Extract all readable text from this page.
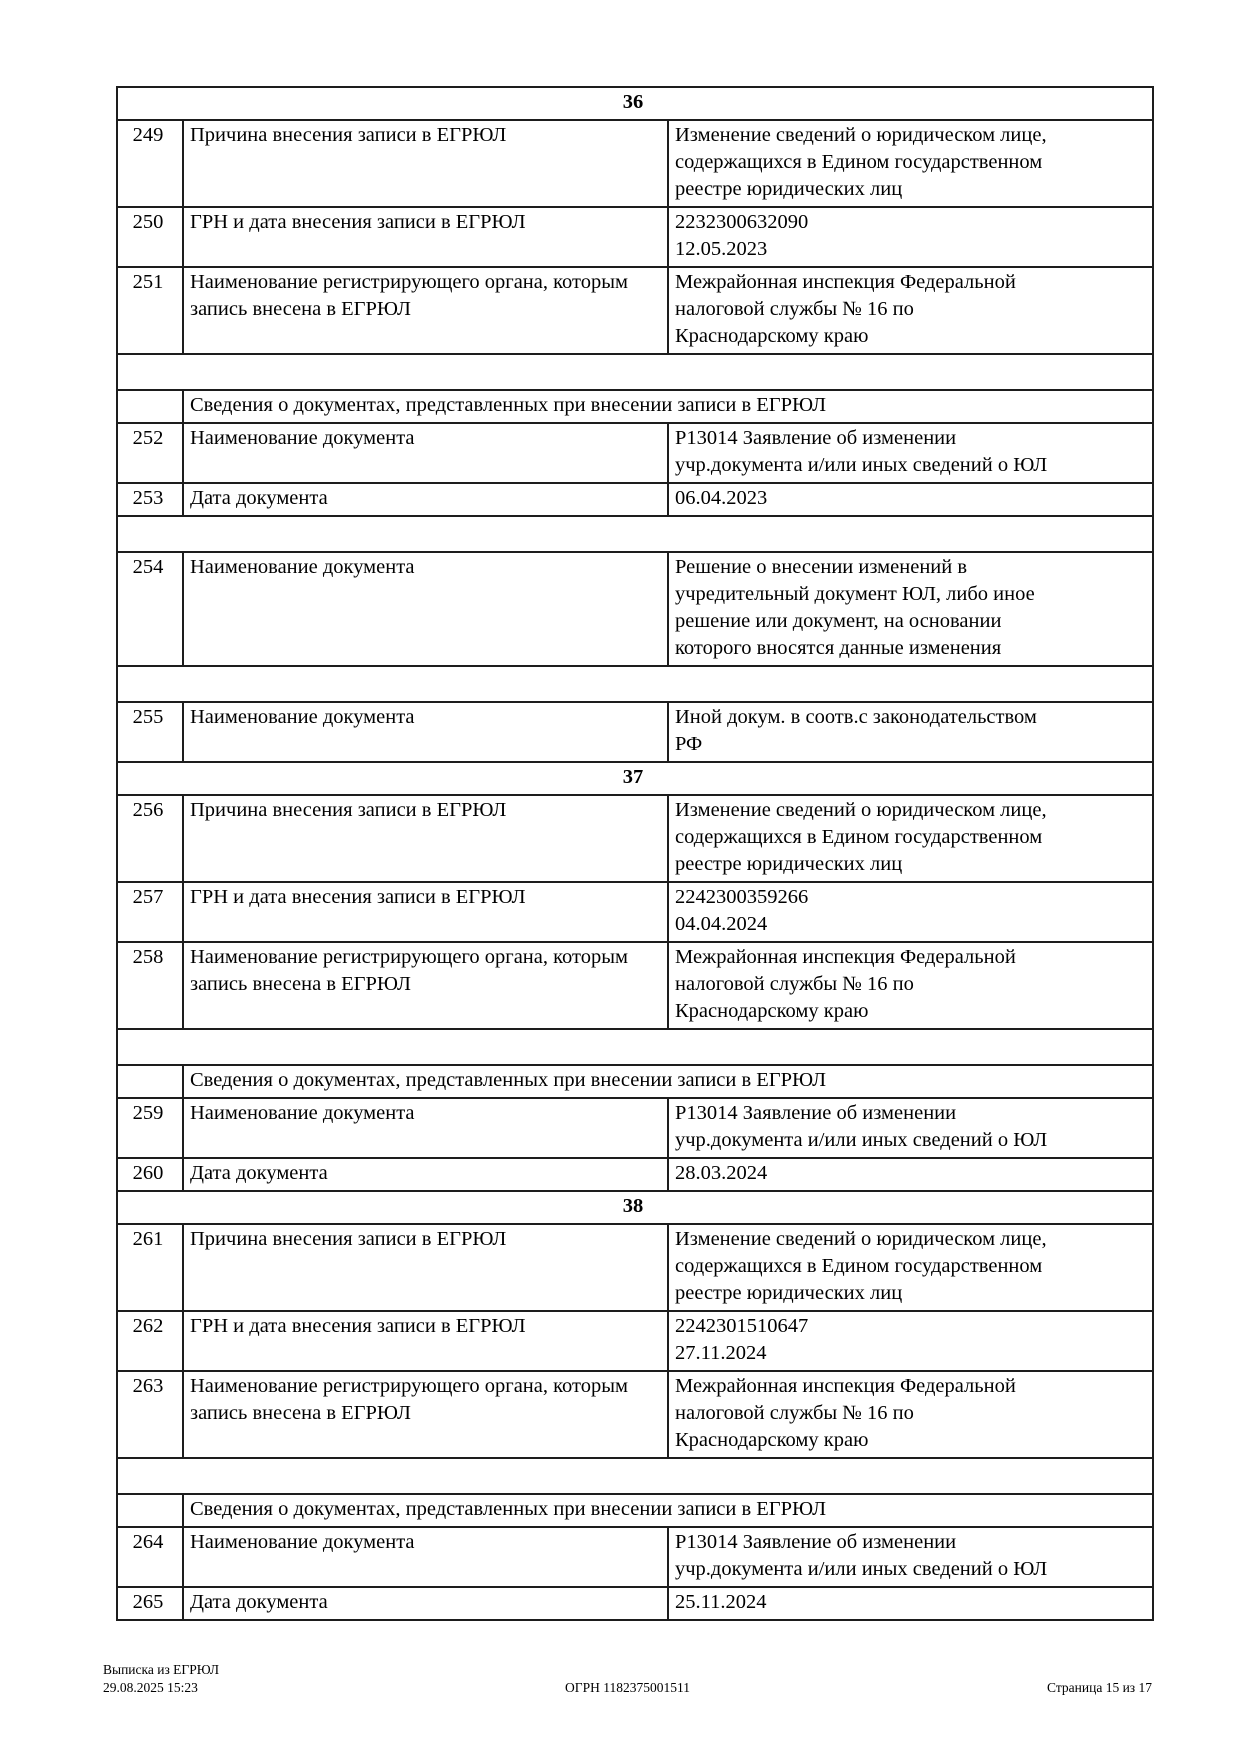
36		
249	Причина внесения записи в ЕГРЮЛ	Изменение сведений о юридическом лице,
содержащихся в Едином государственном
реестре юридических лиц

250	ГРН и дата внесения записи в ЕГРЮЛ	2232300632090
12.05.2023

251	Наименование регистрирующего органа, которым запись внесена в ЕГРЮЛ	Межрайонная инспекция Федеральной
налоговой службы № 16 по
Краснодарскому краю

	Сведения о документах, представленных при внесении записи в ЕГРЮЛ	
252	Наименование документа	Р13014 Заявление об изменении
учр.документа и/или иных сведений о ЮЛ

253	Дата документа	06.04.2023

254	Наименование документа	Решение о внесении изменений в
учредительный документ ЮЛ, либо иное
решение или документ, на основании
которого вносятся данные изменения

255	Наименование документа	Иной докум. в соотв.с законодательством
РФ

37		
256	Причина внесения записи в ЕГРЮЛ	Изменение сведений о юридическом лице,
содержащихся в Едином государственном
реестре юридических лиц

257	ГРН и дата внесения записи в ЕГРЮЛ	2242300359266
04.04.2024

258	Наименование регистрирующего органа, которым запись внесена в ЕГРЮЛ	Межрайонная инспекция Федеральной
налоговой службы № 16 по
Краснодарскому краю

	Сведения о документах, представленных при внесении записи в ЕГРЮЛ	
259	Наименование документа	Р13014 Заявление об изменении
учр.документа и/или иных сведений о ЮЛ

260	Дата документа	28.03.2024

38		
261	Причина внесения записи в ЕГРЮЛ	Изменение сведений о юридическом лице,
содержащихся в Едином государственном
реестре юридических лиц

262	ГРН и дата внесения записи в ЕГРЮЛ	2242301510647
27.11.2024

263	Наименование регистрирующего органа, которым запись внесена в ЕГРЮЛ	Межрайонная инспекция Федеральной
налоговой службы № 16 по
Краснодарскому краю

	Сведения о документах, представленных при внесении записи в ЕГРЮЛ	
264	Наименование документа	Р13014 Заявление об изменении
учр.документа и/или иных сведений о ЮЛ

265	Дата документа	25.11.2024
Выписка из ЕГРЮЛ
29.08.2025 15:23	ОГРН 1182375001511	Страница 15 из 17
